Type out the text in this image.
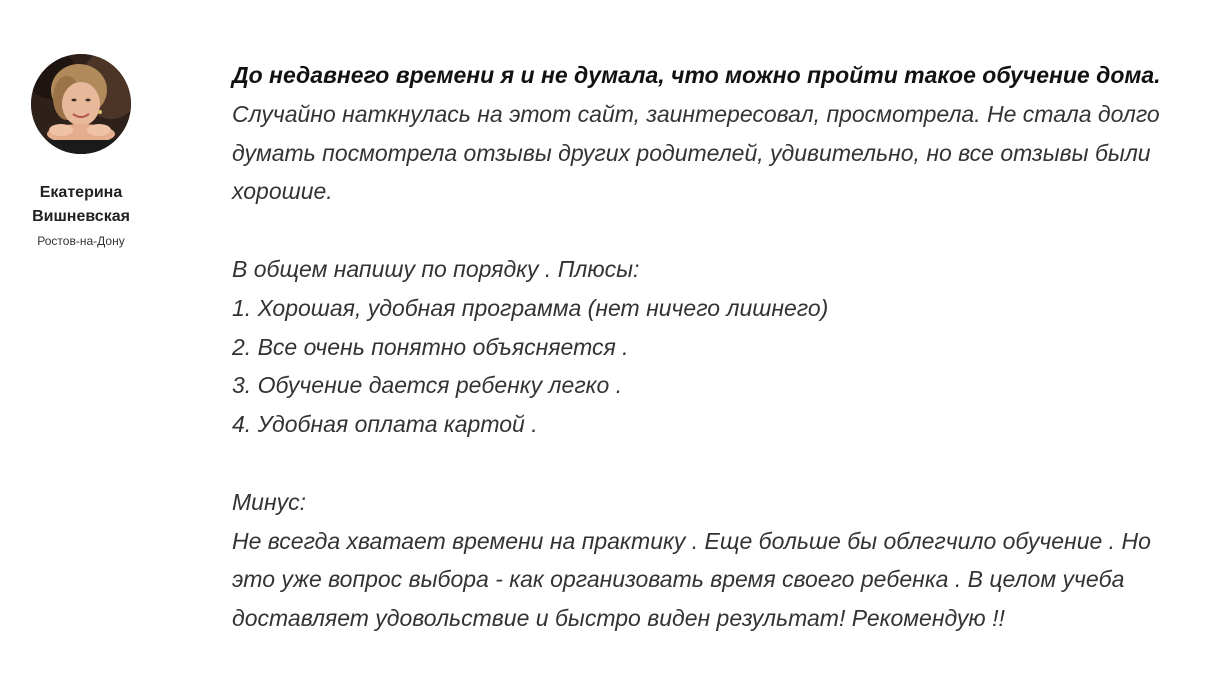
Екатерина
Вишневская
Ростов-на-Дону

До недавнего времени я и не думала, что можно пройти такое обучение дома.

Случайно наткнулась на этот сайт, заинтересовал, просмотрела. Не стала долго

думать посмотрела отзывы других родителей, удивительно, но все отзывы были

хорошие.

В общем напишу по порядку . Плюсы:

1. Хорошая, удобная программа (нет ничего лишнего)

2. Все очень понятно объясняется .

3. Обучение дается ребенку легко .

4. Удобная оплата картой .

Минус:

Не всегда хватает времени на практику . Еще больше бы облегчило обучение . Но

это уже вопрос выбора - как организовать время своего ребенка . В целом учеба

доставляет удовольствие и быстро виден результат! Рекомендую !!
